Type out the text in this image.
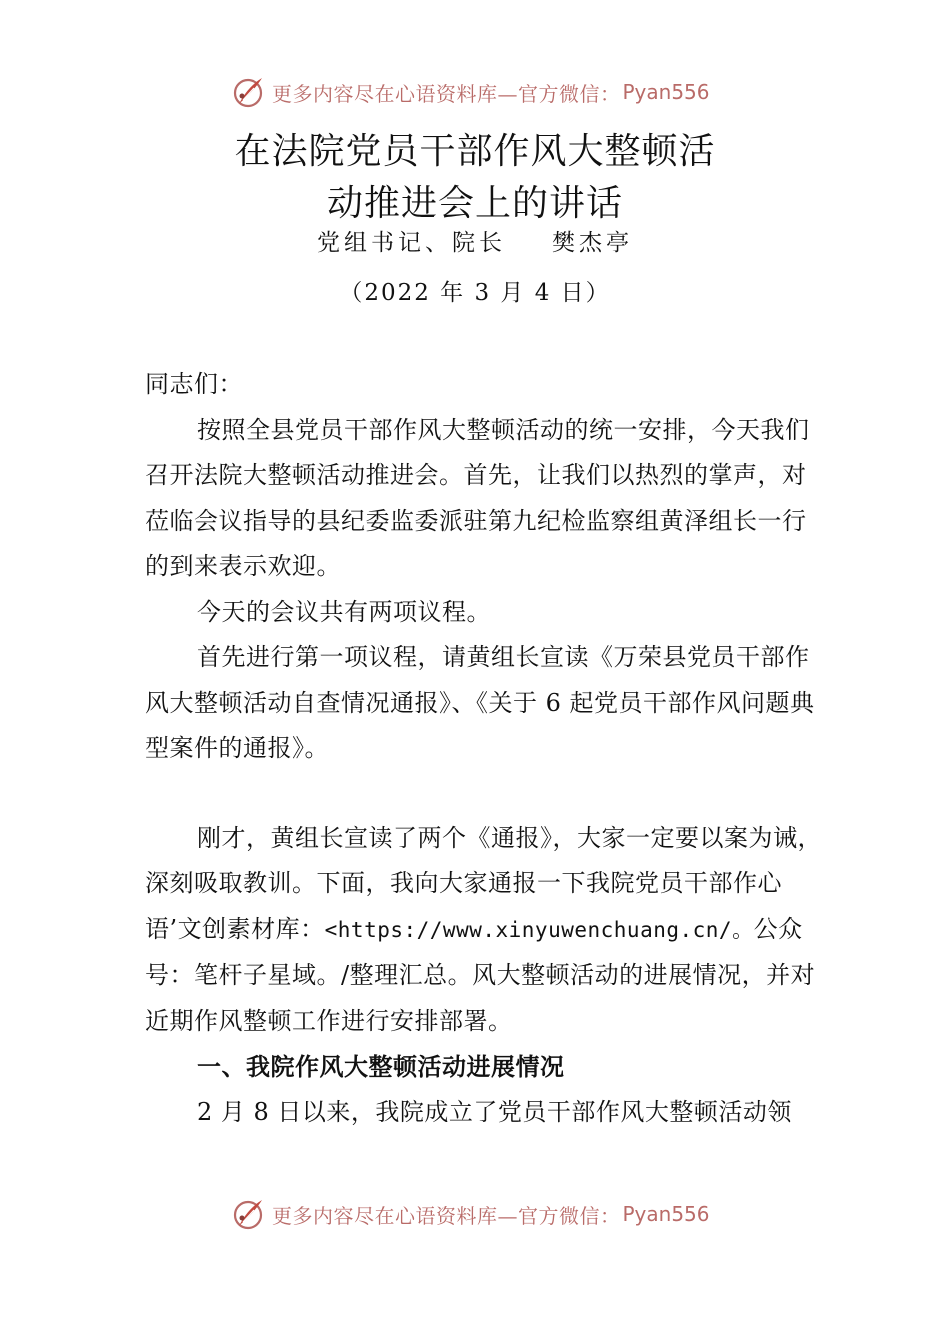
更多内容尽在心语资料库—官方微信： Pyan556
在法院党员干部作风大整顿活
动推进会上的讲话
党组书记、院长 樊杰亭
（2022 年 3 月 4 日）

同志们：

按照全县党员干部作风大整顿活动的统一安排，今天我们召开法院大整顿活动推进会。首先，让我们以热烈的掌声，对莅临会议指导的县纪委监委派驻第九纪检监察组黄泽组长一行的到来表示欢迎。

今天的会议共有两项议程。

首先进行第一项议程，请黄组长宣读《万荣县党员干部作风大整顿活动自查情况通报》、《关于 6 起党员干部作风问题典型案件的通报》。

刚才，黄组长宣读了两个《通报》，大家一定要以案为诫，深刻吸取教训。下面，我向大家通报一下我院党员干部作心语’文创素材库：<https://www.xinyuwenchuang.cn/。公众号：笔杆子星域。/整理汇总。风大整顿活动的进展情况，并对近期作风整顿工作进行安排部署。

一、我院作风大整顿活动进展情况

2 月 8 日以来，我院成立了党员干部作风大整顿活动领

更多内容尽在心语资料库—官方微信： Pyan556
